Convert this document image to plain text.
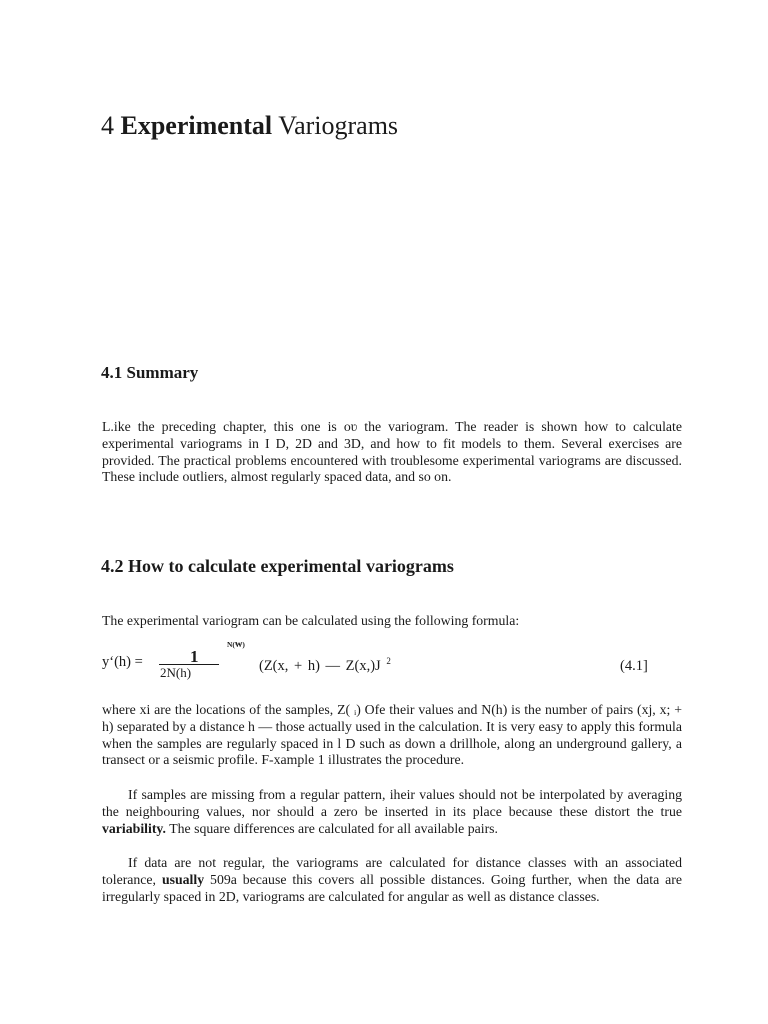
4 Experimental Variograms
4.1 Summary
L.ike the preceding chapter, this one is oʋ the variogram. The reader is shown how to calculate experimental variograms in I D, 2D and 3D, and how to fit models to them. Several exercises are provided. The practical problems encountered with troublesome experimental variograms are discussed. These include outliers, almost regularly spaced data, and so on.
4.2 How to calculate experimental variograms
The experimental variogram can be calculated using the following formula:
y‘(h) =	1
2N(h)
N(₩)
(Z(x, + h) — Z(x,)J $^2$	(4.1]
where xi are the locations of the samples, Z( ᵢ) Ofe their values and N(h) is the number of pairs (xj, x; + h) separated by a distance h — those actually used in the calculation. It is very easy to apply this formula when the samples are regularly spaced in l D such as down a drillhole, along an underground gallery, a transect or a seismic profile. F-xample 1 illustrates the procedure.
If samples are missing from a regular pattern, iheir values should not be interpolated by averaging the neighbouring values, nor should a zero be inserted in its place because these distort the true variability. The square differences are calculated for all available pairs.
If data are not regular, the variograms are calculated for distance classes with an associated tolerance, usually 509a because this covers all possible distances. Going further, when the data are irregularly spaced in 2D, variograms are calculated for angular as well as distance classes.
